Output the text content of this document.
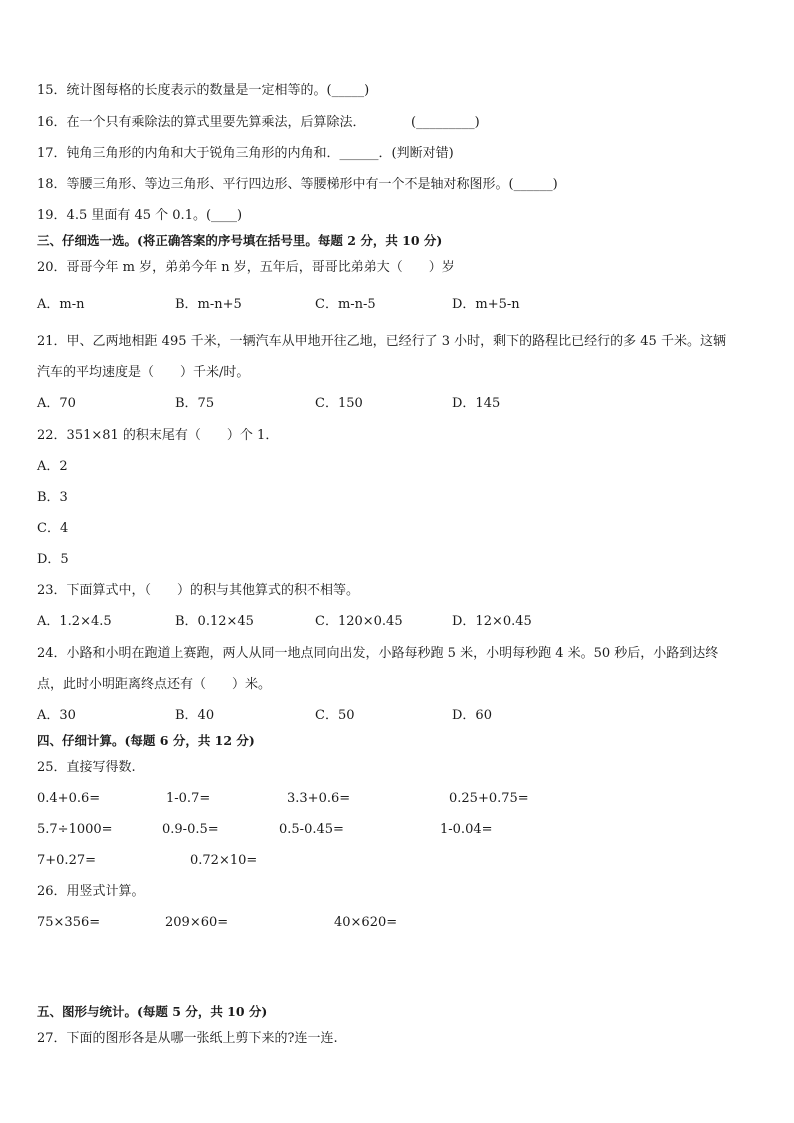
15．统计图每格的长度表示的数量是一定相等的。(_____)
16．在一个只有乘除法的算式里要先算乘法，后算除法．　　　　(_________)
17．钝角三角形的内角和大于锐角三角形的内角和．______．(判断对错)
18．等腰三角形、等边三角形、平行四边形、等腰梯形中有一个不是轴对称图形。(______)
19．4.5 里面有 45 个 0.1。(____)
三、仔细选一选。(将正确答案的序号填在括号里。每题 2 分，共 10 分)
20．哥哥今年 m 岁，弟弟今年 n 岁，五年后，哥哥比弟弟大（　　）岁
A．m-n	B．m-n+5	C．m-n-5	D．m+5-n
21．甲、乙两地相距 495 千米，一辆汽车从甲地开往乙地，已经行了 3 小时，剩下的路程比已经行的多 45 千米。这辆
汽车的平均速度是（　　）千米/时。
A．70	B．75	C．150	D．145
22．351×81 的积末尾有（　　）个 1．
A．2
B．3
C．4
D．5
23．下面算式中，（　　）的积与其他算式的积不相等。
A．1.2×4.5	B．0.12×45	C．120×0.45	D．12×0.45
24．小路和小明在跑道上赛跑，两人从同一地点同向出发，小路每秒跑 5 米，小明每秒跑 4 米。50 秒后，小路到达终
点，此时小明距离终点还有（　　）米。
A．30	B．40	C．50	D．60
四、仔细计算。(每题 6 分，共 12 分)
25．直接写得数.
0.4+0.6=	1-0.7=	3.3+0.6=	0.25+0.75=
5.7÷1000=	0.9-0.5=	0.5-0.45=	1-0.04=
7+0.27=	0.72×10=
26．用竖式计算。
75×356=	209×60=	40×620=
五、图形与统计。(每题 5 分，共 10 分)
27．下面的图形各是从哪一张纸上剪下来的?连一连.
